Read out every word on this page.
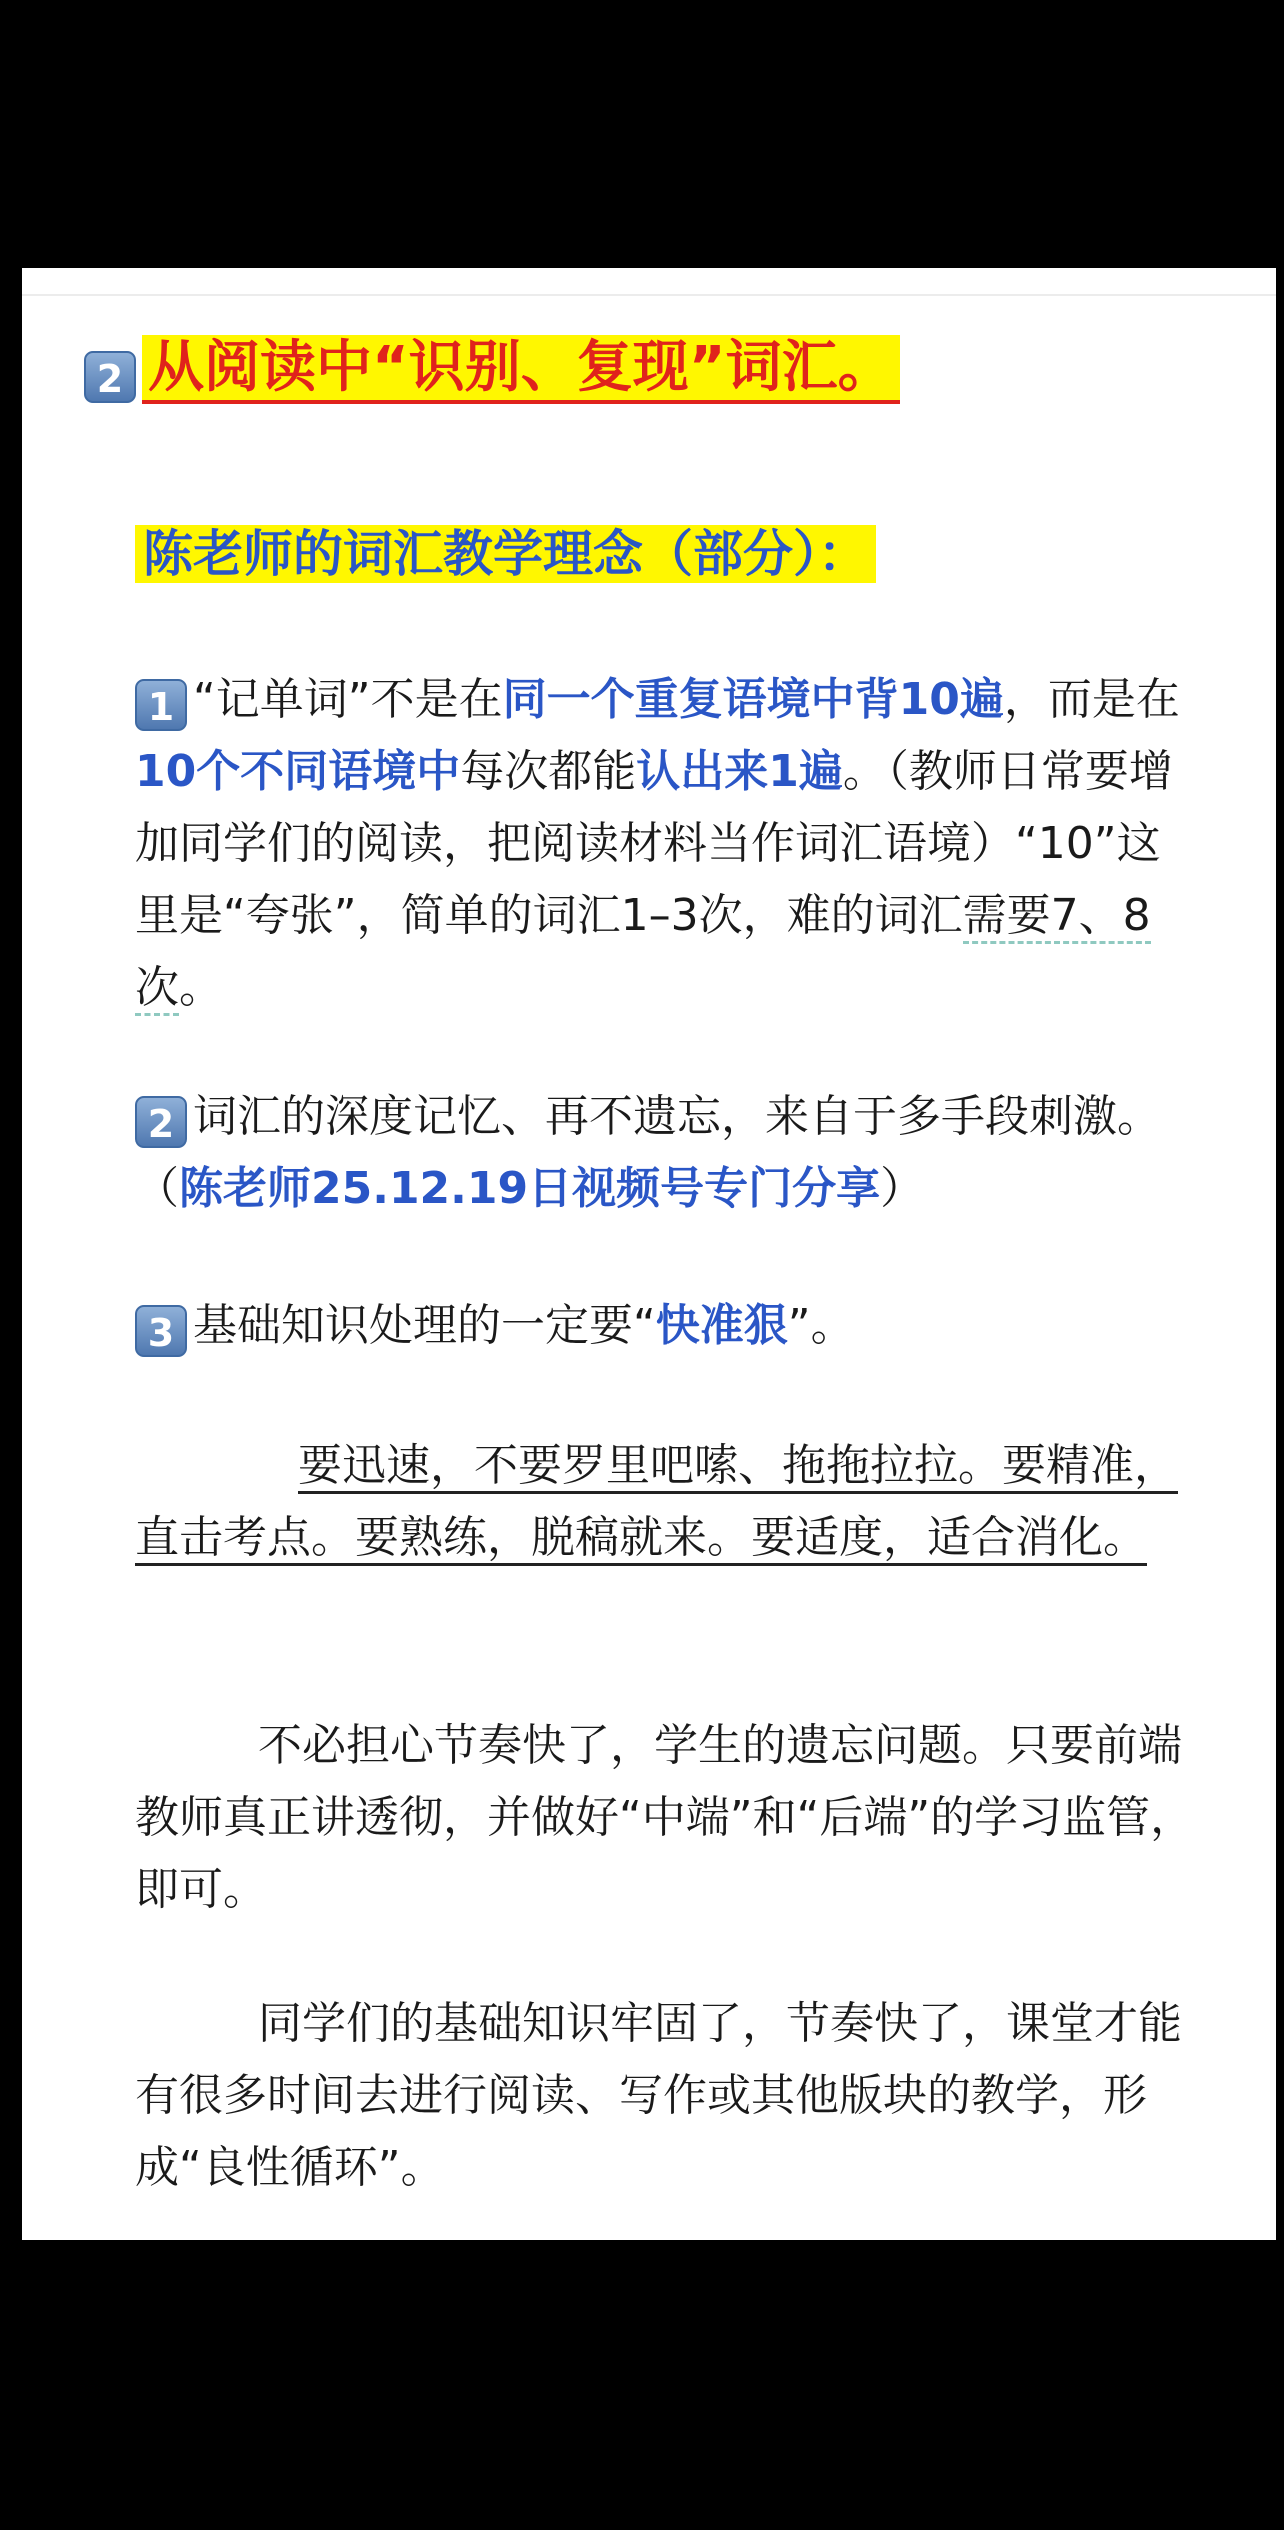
2 从阅读中“识别、复现”词汇。
陈老师的词汇教学理念（部分）：
1 “记单词”不是在同一个重复语境中背10遍，而是在10个不同语境中每次都能认出来1遍。（教师日常要增加同学们的阅读，把阅读材料当作词汇语境）“10”这里是“夸张”，简单的词汇1–3次，难的词汇需要7、8次。
2 词汇的深度记忆、再不遗忘，来自于多手段刺激。（陈老师25.12.19日视频号专门分享）
3 基础知识处理的一定要“快准狠”。
要迅速，不要罗里吧嗦、拖拖拉拉。要精准，直击考点。要熟练，脱稿就来。要适度，适合消化。
不必担心节奏快了，学生的遗忘问题。只要前端教师真正讲透彻，并做好“中端”和“后端”的学习监管，即可。
同学们的基础知识牢固了，节奏快了，课堂才能有很多时间去进行阅读、写作或其他版块的教学，形成“良性循环”。
